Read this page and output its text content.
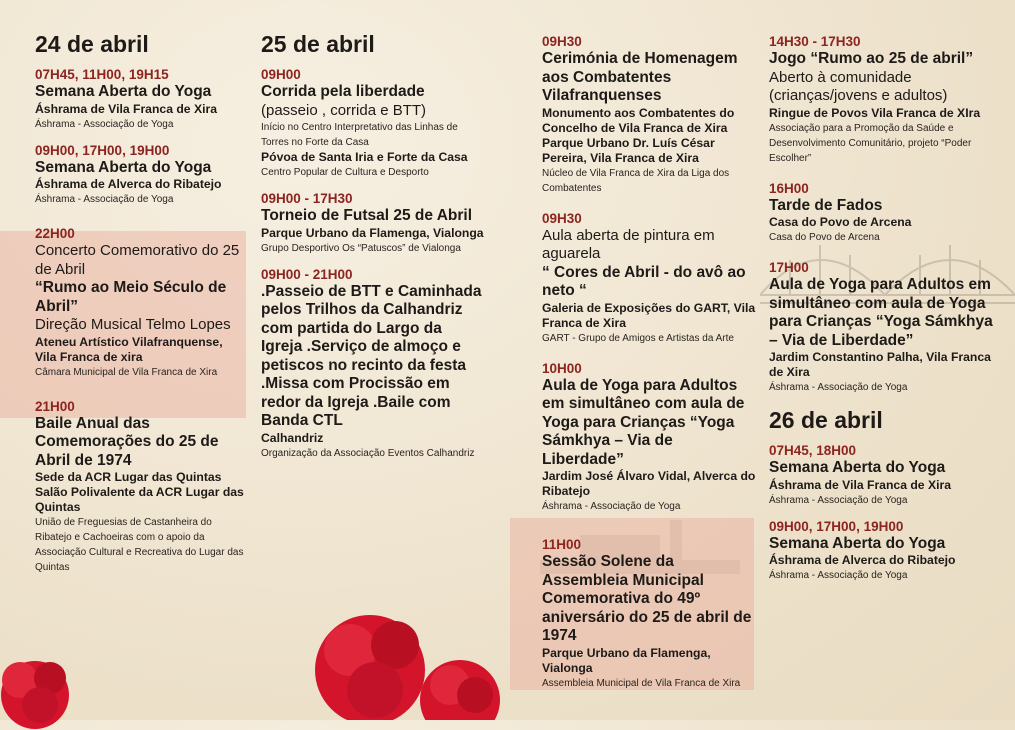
24 de abril
07H45, 11H00, 19H15
Semana Aberta do Yoga
Áshrama de Vila Franca de Xira
Áshrama - Associação de Yoga
09H00, 17H00, 19H00
Semana Aberta do Yoga
Áshrama de Alverca do Ribatejo
Áshrama - Associação de Yoga
22H00
Concerto Comemorativo do 25 de Abril
“Rumo ao Meio Século de Abril”
Direção Musical Telmo Lopes
Ateneu Artístico Vilafranquense, Vila Franca de xira
Câmara Municipal de Vila Franca de Xira
21H00
Baile Anual das Comemorações do 25 de Abril de 1974
Sede da ACR Lugar das Quintas Salão Polivalente da ACR Lugar das Quintas
União de Freguesias de Castanheira do Ribatejo e Cachoeiras com o apoio da Associação Cultural e Recreativa do Lugar das Quintas
25 de abril
09H00
Corrida pela liberdade
(passeio , corrida e BTT)
Início no Centro Interpretativo das Linhas de Torres no Forte da Casa
Póvoa de Santa Iria e Forte da Casa
Centro Popular de Cultura e Desporto
09H00 - 17H30
Torneio de Futsal 25 de Abril
Parque Urbano da Flamenga, Vialonga
Grupo Desportivo Os “Patuscos” de Vialonga
09H00 - 21H00
.Passeio de BTT e Caminhada pelos Trilhos da Calhandriz com partida do Largo da Igreja .Serviço de almoço e petiscos no recinto da festa .Missa com Procissão em redor da Igreja .Baile com Banda CTL
Calhandriz
Organização da Associação Eventos Calhandriz
09H30
Cerimónia de Homenagem aos Combatentes Vilafranquenses
Monumento aos Combatentes do Concelho de Vila Franca de Xira Parque Urbano Dr. Luís César Pereira, Vila Franca de Xira
Núcleo de Vila Franca de Xira da Liga dos Combatentes
09H30
Aula aberta de pintura em aguarela
“ Cores de Abril - do avô ao neto “
Galeria de Exposições do GART, Vila Franca de Xira
GART - Grupo de Amigos e Artistas da Arte
10H00
Aula de Yoga para Adultos em simultâneo com aula de Yoga para Crianças “Yoga Sámkhya – Via de Liberdade”
Jardim José Álvaro Vidal, Alverca do Ribatejo
Áshrama - Associação de Yoga
11H00
Sessão Solene da Assembleia Municipal Comemorativa do 49º aniversário do 25 de abril de 1974
Parque Urbano da Flamenga, Vialonga
Assembleia Municipal de Vila Franca de Xira
14H30 - 17H30
Jogo “Rumo ao 25 de abril”
Aberto à comunidade (crianças/jovens e adultos)
Ringue de Povos Vila Franca de XIra
Associação para a Promoção da Saúde e Desenvolvimento Comunitário, projeto “Poder Escolher”
16H00
Tarde de Fados
Casa do Povo de Arcena
Casa do Povo de Arcena
17H00
Aula de Yoga para Adultos em simultâneo com aula de Yoga para Crianças “Yoga Sámkhya – Via de Liberdade”
Jardim Constantino Palha, Vila Franca de Xira
Áshrama - Associação de Yoga
26 de abril
07H45, 18H00
Semana Aberta do Yoga
Áshrama de Vila Franca de Xira
Áshrama - Associação de Yoga
09H00, 17H00, 19H00
Semana Aberta do Yoga
Áshrama de Alverca do Ribatejo
Áshrama - Associação de Yoga
